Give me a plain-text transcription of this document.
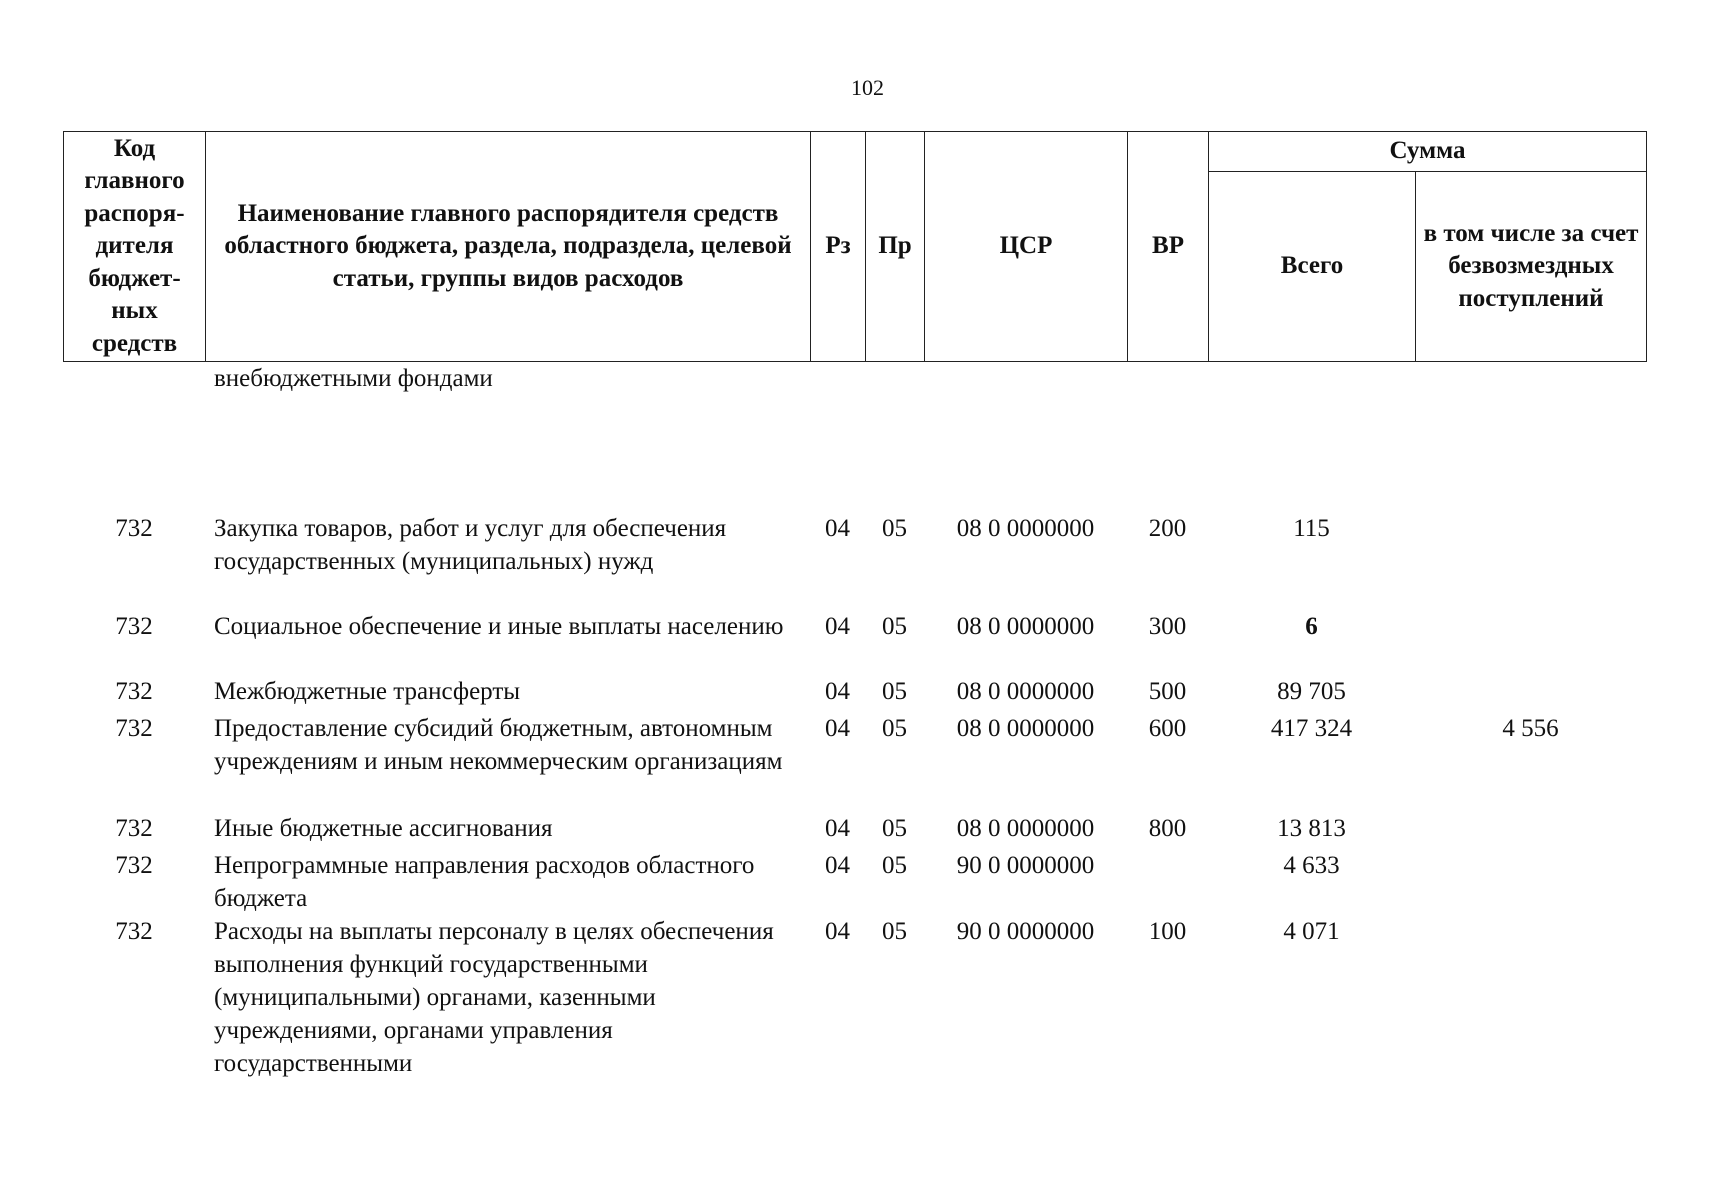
102
Код главного распоря- дителя бюджет- ных средств	Наименование главного распорядителя средств областного бюджета, раздела, подраздела, целевой статьи, группы видов расходов	Рз	Пр	ЦСР	ВР	Сумма	
						Всего	в том числе за счет безвозмездных поступлений
	внебюджетными фондами						
732	Закупка товаров, работ и услуг для обеспечения государственных (муниципальных) нужд	04	05	08 0 0000000	200	115	
732	Социальное обеспечение и иные выплаты населению	04	05	08 0 0000000	300	6	
732	Межбюджетные трансферты	04	05	08 0 0000000	500	89 705	
732	Предоставление субсидий бюджетным, автономным учреждениям и иным некоммерческим организациям	04	05	08 0 0000000	600	417 324	4 556
732	Иные бюджетные ассигнования	04	05	08 0 0000000	800	13 813	
732	Непрограммные направления расходов областного бюджета	04	05	90 0 0000000		4 633	
732	Расходы на выплаты персоналу в целях обеспечения выполнения функций государственными (муниципальными) органами, казенными учреждениями, органами управления государственными	04	05	90 0 0000000	100	4 071	
